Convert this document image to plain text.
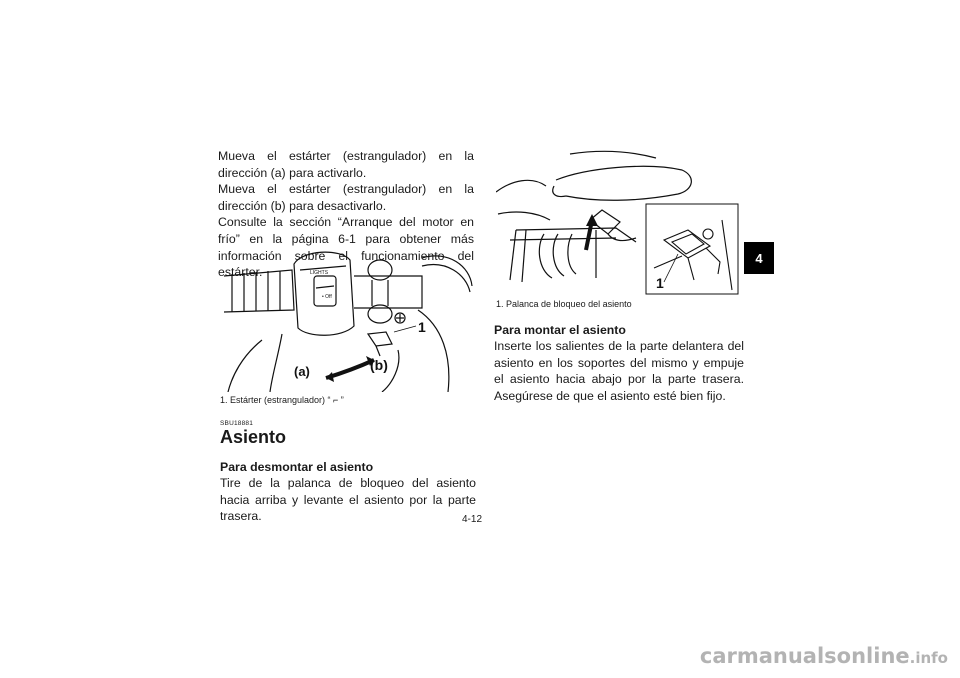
Mueva el estárter (estrangulador) en la dirección (a) para activarlo.

Mueva el estárter (estrangulador) en la dirección (b) para desactivarlo.

Consulte la sección “Arranque del motor en frío” en la página 6-1 para obtener más información sobre el funcionamiento del estárter.	LIGHTS
• Off
1
(a)	(b)

1. Estárter (estrangulador) “ ⌐ ”

SBU18881

Asiento

Para desmontar el asiento

Tire de la palanca de bloqueo del asiento hacia arriba y levante el asiento por la parte trasera.

1

1. Palanca de bloqueo del asiento

Para montar el asiento

Inserte los salientes de la parte delantera del asiento en los soportes del mismo y empuje el asiento hacia abajo por la parte trasera. Asegúrese de que el asiento esté bien fijo.

4
4-12
carmanualsonline.info
